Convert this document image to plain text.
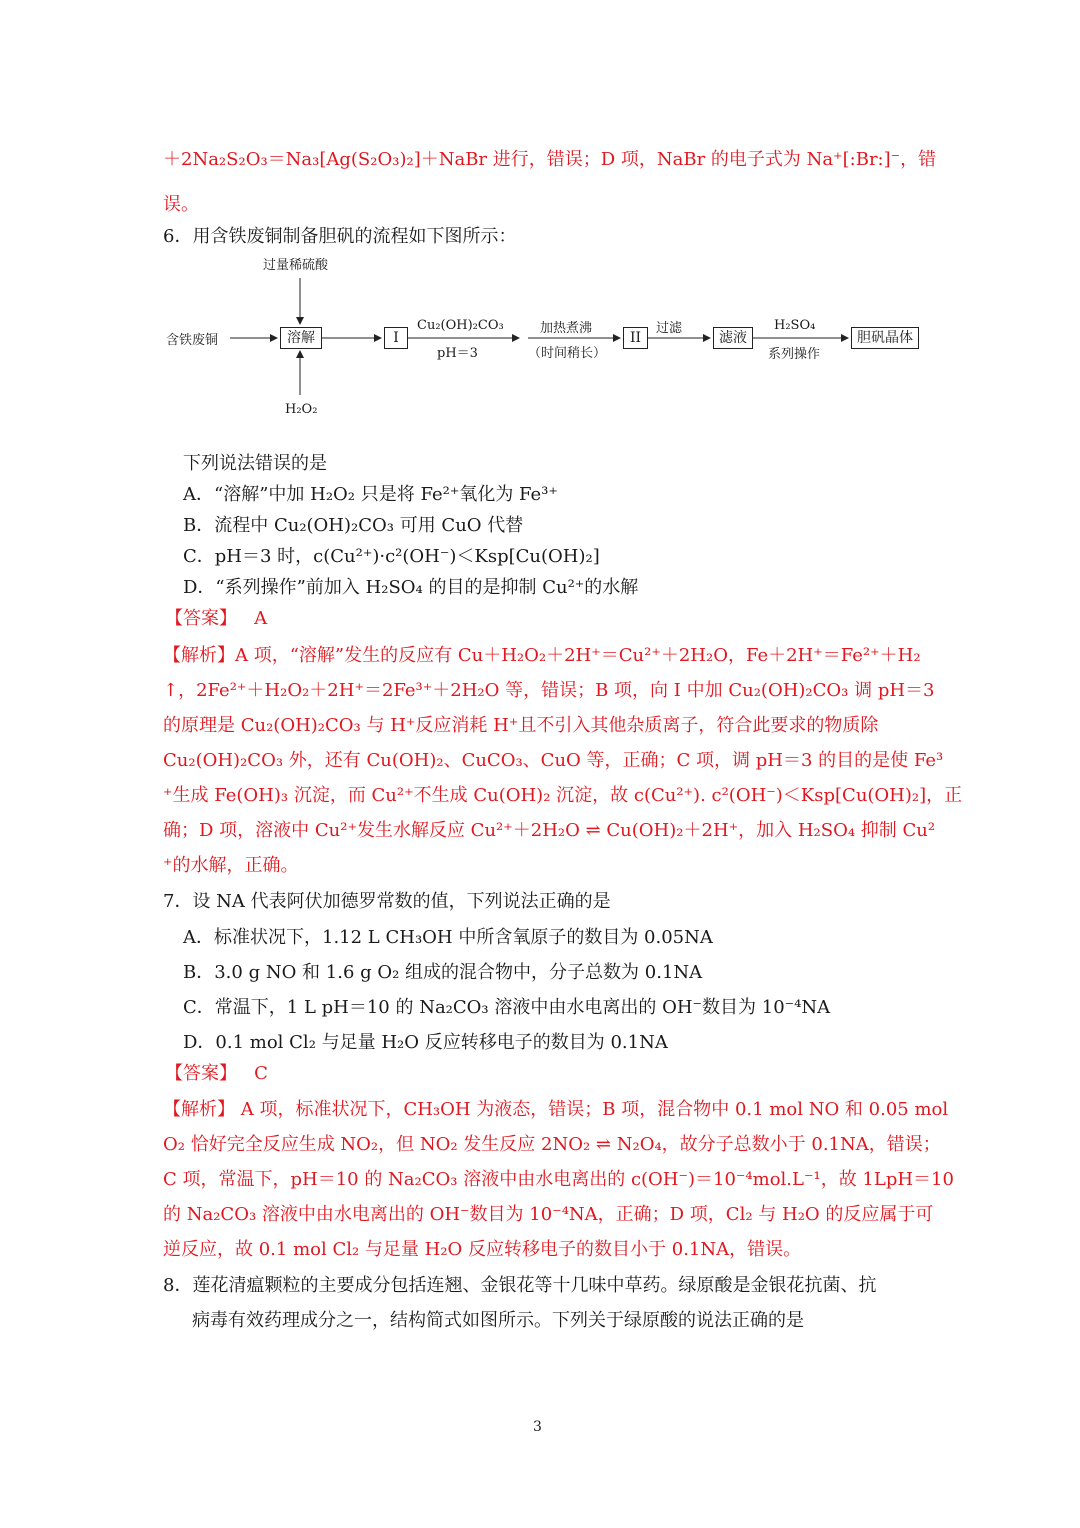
＋2Na₂S₂O₃＝Na₃[Ag(S₂O₃)₂]＋NaBr 进行，错误；D 项，NaBr 的电子式为 Na⁺[:Br:]⁻，错
误。
6．用含铁废铜制备胆矾的流程如下图所示：
过量稀硫酸
H₂O₂
含铁废铜	溶解	I
Cu₂(OH)₂CO₃
pH＝3
加热煮沸
（时间稍长）
II
过滤
滤液
H₂SO₄
系列操作
胆矾晶体
下列说法错误的是
A．“溶解”中加 H₂O₂ 只是将 Fe²⁺氧化为 Fe³⁺
B．流程中 Cu₂(OH)₂CO₃ 可用 CuO 代替
C．pH＝3 时，c(Cu²⁺)·c²(OH⁻)＜Ksp[Cu(OH)₂]
D．“系列操作”前加入 H₂SO₄ 的目的是抑制 Cu²⁺的水解
【答案】 A
【解析】A 项，“溶解”发生的反应有 Cu＋H₂O₂＋2H⁺＝Cu²⁺＋2H₂O，Fe＋2H⁺＝Fe²⁺＋H₂
↑，2Fe²⁺＋H₂O₂＋2H⁺＝2Fe³⁺＋2H₂O 等，错误；B 项，向 I 中加 Cu₂(OH)₂CO₃ 调 pH＝3
的原理是 Cu₂(OH)₂CO₃ 与 H⁺反应消耗 H⁺且不引入其他杂质离子，符合此要求的物质除
Cu₂(OH)₂CO₃ 外，还有 Cu(OH)₂、CuCO₃、CuO 等，正确；C 项，调 pH＝3 的目的是使 Fe³
⁺生成 Fe(OH)₃ 沉淀，而 Cu²⁺不生成 Cu(OH)₂ 沉淀，故 c(Cu²⁺). c²(OH⁻)＜Ksp[Cu(OH)₂]，正
确；D 项，溶液中 Cu²⁺发生水解反应 Cu²⁺＋2H₂O ⇌ Cu(OH)₂＋2H⁺，加入 H₂SO₄ 抑制 Cu²
⁺的水解，正确。
7．设 NA 代表阿伏加德罗常数的值，下列说法正确的是
A．标准状况下，1.12 L CH₃OH 中所含氧原子的数目为 0.05NA
B．3.0 g NO 和 1.6 g O₂ 组成的混合物中，分子总数为 0.1NA
C．常温下，1 L pH＝10 的 Na₂CO₃ 溶液中由水电离出的 OH⁻数目为 10⁻⁴NA
D．0.1 mol Cl₂ 与足量 H₂O 反应转移电子的数目为 0.1NA
【答案】 C
【解析】 A 项，标准状况下，CH₃OH 为液态，错误；B 项，混合物中 0.1 mol NO 和 0.05 mol
O₂ 恰好完全反应生成 NO₂，但 NO₂ 发生反应 2NO₂ ⇌ N₂O₄，故分子总数小于 0.1NA，错误；
C 项，常温下，pH＝10 的 Na₂CO₃ 溶液中由水电离出的 c(OH⁻)＝10⁻⁴mol.L⁻¹，故 1LpH＝10
的 Na₂CO₃ 溶液中由水电离出的 OH⁻数目为 10⁻⁴NA，正确；D 项，Cl₂ 与 H₂O 的反应属于可
逆反应，故 0.1 mol Cl₂ 与足量 H₂O 反应转移电子的数目小于 0.1NA，错误。
8．莲花清瘟颗粒的主要成分包括连翘、金银花等十几味中草药。绿原酸是金银花抗菌、抗
病毒有效药理成分之一，结构简式如图所示。下列关于绿原酸的说法正确的是
3
